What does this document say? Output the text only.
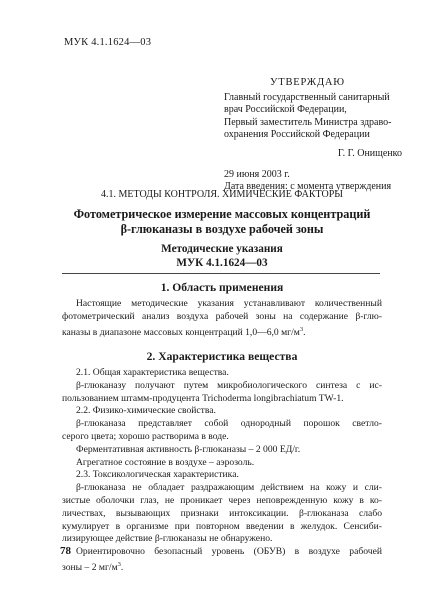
МУК 4.1.1624—03
УТВЕРЖДАЮ
Главный государственный санитарный
врач Российской Федерации,
Первый заместитель Министра здраво-
охранения Российской Федерации
Г. Г. Онищенко
29 июня 2003 г.
Дата введения: с момента утверждения
4.1. МЕТОДЫ КОНТРОЛЯ. ХИМИЧЕСКИЕ ФАКТОРЫ
Фотометрическое измерение массовых концентраций
β-глюканазы в воздухе рабочей зоны
Методические указания
МУК 4.1.1624—03
1. Область применения
Настоящие методические указания устанавливают количественный
фотометрический анализ воздуха рабочей зоны на содержание β-глю-
каназы в диапазоне массовых концентраций 1,0—6,0 $мг/м^3$.
2. Характеристика вещества
2.1. Общая характеристика вещества.
β-глюканазу получают путем микробиологического синтеза с ис-
пользованием штамм-продуцента Trichoderma longibrachiatum TW-1.
2.2. Физико-химические свойства.
β-глюканаза представляет собой однородный порошок светло-
серого цвета; хорошо растворима в воде.
Ферментативная активность β-глюканазы – 2 000 ЕД/г.
Агрегатное состояние в воздухе – аэрозоль.
2.3. Токсикологическая характеристика.
β-глюканаза не обладает раздражающим действием на кожу и сли-
зистые оболочки глаз, не проникает через неповрежденную кожу в ко-
личествах, вызывающих признаки интоксикации. β-глюканаза слабо
кумулирует в организме при повторном введении в желудок. Сенсиби-
лизирующее действие β-глюканазы не обнаружено.
Ориентировочно безопасный уровень (ОБУВ) в воздухе рабочей
зоны – 2 $мг/м^3$.
78
